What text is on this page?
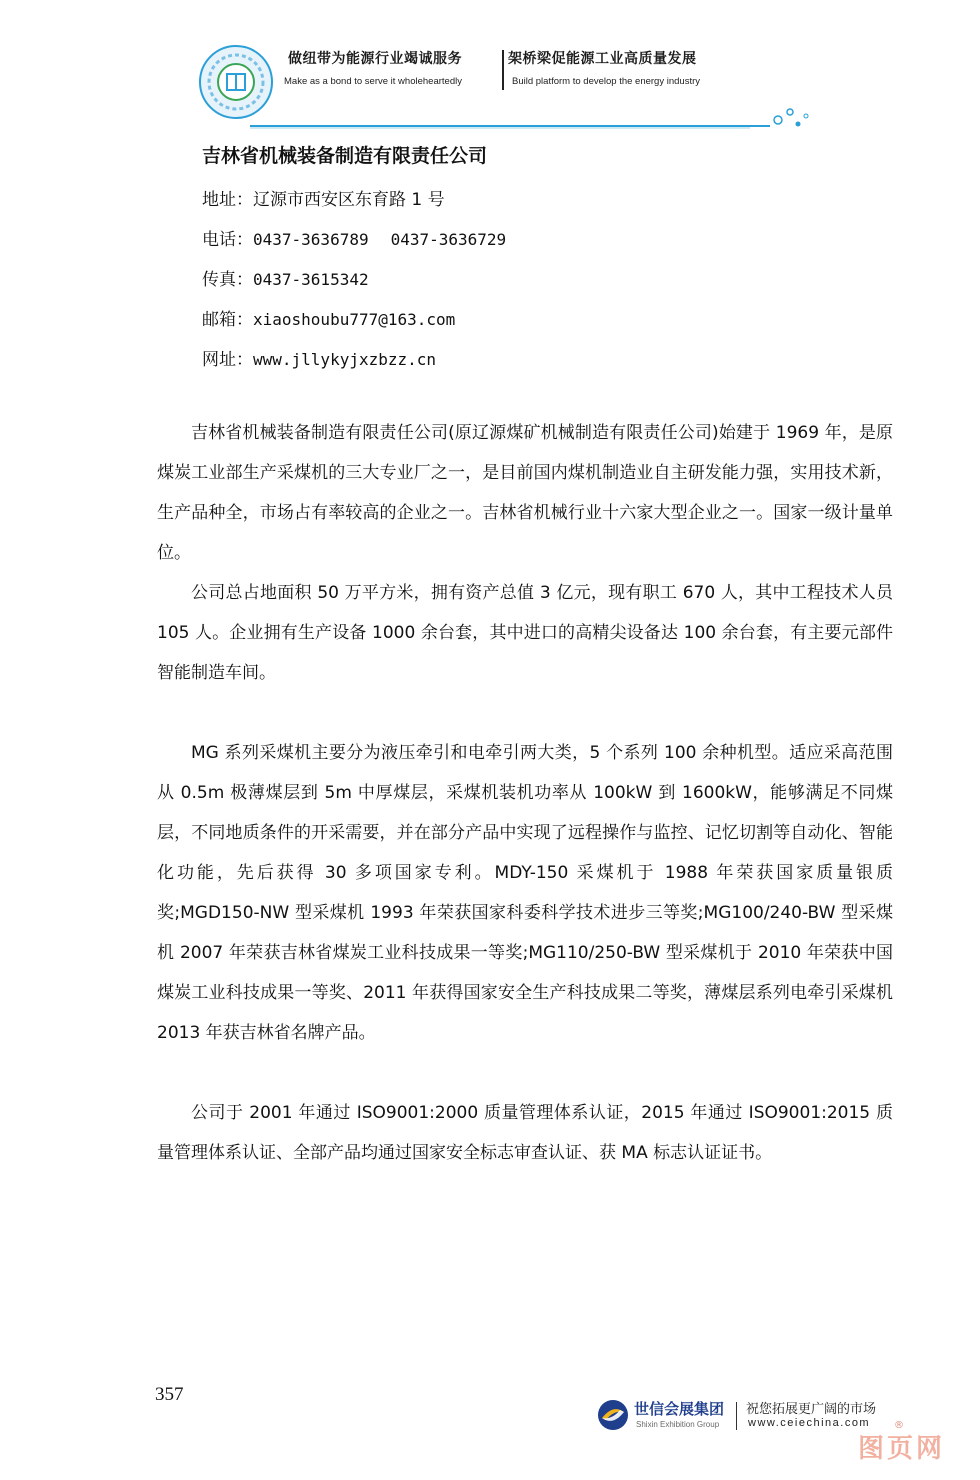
做纽带为能源行业竭诚服务	架桥梁促能源工业高质量发展
Make as a bond to serve it wholeheartedly	Build platform to develop the energy industry
吉林省机械装备制造有限责任公司
地址：辽源市西安区东育路 1 号
电话：0437-3636789 0437-3636729
传真：0437-3615342
邮箱：xiaoshoubu777@163.com
网址：www.jllykyjxzbzz.cn

吉林省机械装备制造有限责任公司(原辽源煤矿机械制造有限责任公司)始建于 1969 年，是原煤炭工业部生产采煤机的三大专业厂之一，是目前国内煤机制造业自主研发能力强，实用技术新，生产品种全，市场占有率较高的企业之一。吉林省机械行业十六家大型企业之一。国家一级计量单位。

公司总占地面积 50 万平方米，拥有资产总值 3 亿元，现有职工 670 人，其中工程技术人员 105 人。企业拥有生产设备 1000 余台套，其中进口的高精尖设备达 100 余台套，有主要元部件智能制造车间。

MG 系列采煤机主要分为液压牵引和电牵引两大类，5 个系列 100 余种机型。适应采高范围从 0.5m 极薄煤层到 5m 中厚煤层，采煤机装机功率从 100kW 到 1600kW，能够满足不同煤层，不同地质条件的开采需要，并在部分产品中实现了远程操作与监控、记忆切割等自动化、智能化功能，先后获得 30 多项国家专利。MDY-150 采煤机于 1988 年荣获国家质量银质奖;MGD150-NW 型采煤机 1993 年荣获国家科委科学技术进步三等奖;MG100/240-BW 型采煤机 2007 年荣获吉林省煤炭工业科技成果一等奖;MG110/250-BW 型采煤机于 2010 年荣获中国煤炭工业科技成果一等奖、2011 年获得国家安全生产科技成果二等奖，薄煤层系列电牵引采煤机 2013 年获吉林省名牌产品。

公司于 2001 年通过 ISO9001:2000 质量管理体系认证，2015 年通过 ISO9001:2015 质量管理体系认证、全部产品均通过国家安全标志审查认证、获 MA 标志认证证书。

357
世信会展集团
Shixin Exhibition Group
祝您拓展更广阔的市场
www.ceiechina.com ®
图页网
